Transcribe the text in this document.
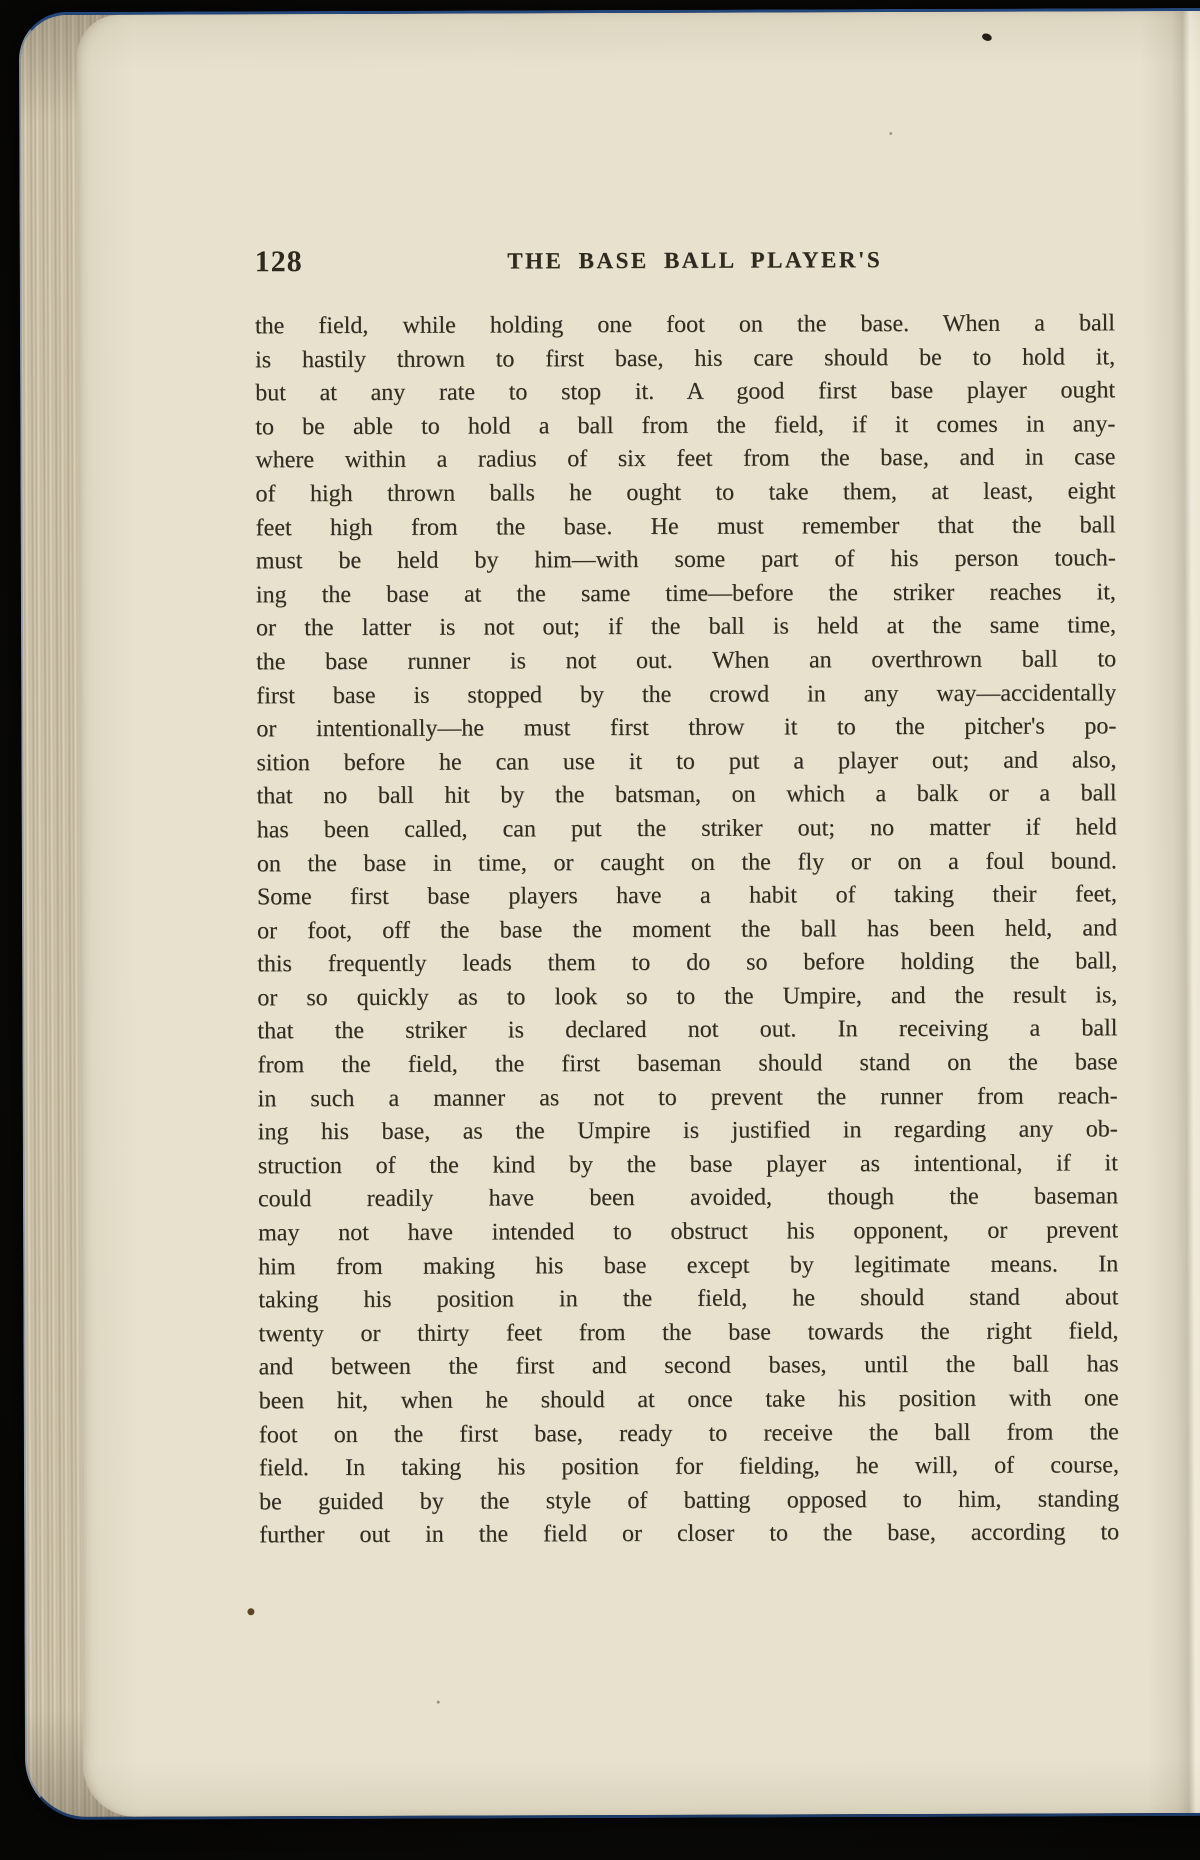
128	THE BASE BALL PLAYER'S
the field, while holding one foot on the base. When a ball
is hastily thrown to first base, his care should be to hold it,
but at any rate to stop it. A good first base player ought
to be able to hold a ball from the field, if it comes in any-
where within a radius of six feet from the base, and in case
of high thrown balls he ought to take them, at least, eight
feet high from the base. He must remember that the ball
must be held by him—with some part of his person touch-
ing the base at the same time—before the striker reaches it,
or the latter is not out; if the ball is held at the same time,
the base runner is not out. When an overthrown ball to
first base is stopped by the crowd in any way—accidentally
or intentionally—he must first throw it to the pitcher's po-
sition before he can use it to put a player out; and also,
that no ball hit by the batsman, on which a balk or a ball
has been called, can put the striker out; no matter if held
on the base in time, or caught on the fly or on a foul bound.
Some first base players have a habit of taking their feet,
or foot, off the base the moment the ball has been held, and
this frequently leads them to do so before holding the ball,
or so quickly as to look so to the Umpire, and the result is,
that the striker is declared not out. In receiving a ball
from the field, the first baseman should stand on the base
in such a manner as not to prevent the runner from reach-
ing his base, as the Umpire is justified in regarding any ob-
struction of the kind by the base player as intentional, if it
could readily have been avoided, though the baseman
may not have intended to obstruct his opponent, or prevent
him from making his base except by legitimate means. In
taking his position in the field, he should stand about
twenty or thirty feet from the base towards the right field,
and between the first and second bases, until the ball has
been hit, when he should at once take his position with one
foot on the first base, ready to receive the ball from the
field. In taking his position for fielding, he will, of course,
be guided by the style of batting opposed to him, standing
further out in the field or closer to the base, according to
